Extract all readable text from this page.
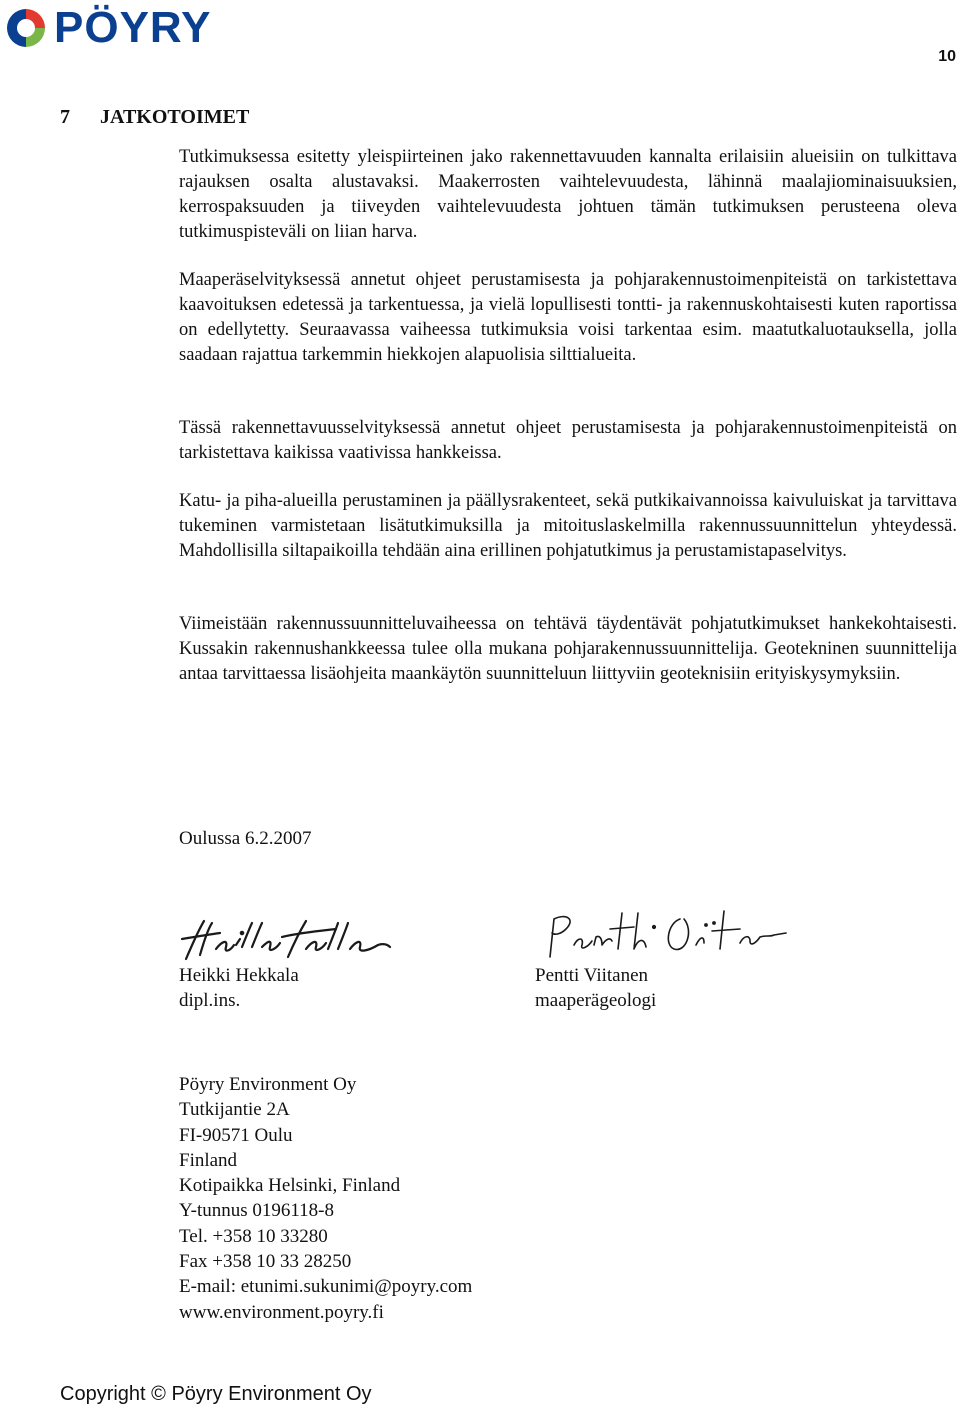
PÖYRY
10
7	JATKOTOIMET
Tutkimuksessa esitetty yleispiirteinen jako rakennettavuuden kannalta erilaisiin alueisiin on tulkittava rajauksen osalta alustavaksi. Maakerrosten vaihtelevuudesta, lähinnä maalajiominaisuuksien, kerrospaksuuden ja tiiveyden vaihtelevuudesta johtuen tämän tutkimuksen perusteena oleva tutkimuspisteväli on liian harva.
Maaperäselvityksessä annetut ohjeet perustamisesta ja pohjarakennustoimenpiteistä on tarkistettava kaavoituksen edetessä ja tarkentuessa, ja vielä lopullisesti tontti- ja rakennuskohtaisesti kuten raportissa on edellytetty. Seuraavassa vaiheessa tutkimuksia voisi tarkentaa esim. maatutkaluotauksella, jolla saadaan rajattua tarkemmin hiekkojen alapuolisia silttialueita.
Tässä rakennettavuusselvityksessä annetut ohjeet perustamisesta ja pohjarakennustoimenpiteistä on tarkistettava kaikissa vaativissa hankkeissa.
Katu- ja piha-alueilla perustaminen ja päällysrakenteet, sekä putkikaivannoissa kaivuluiskat ja tarvittava tukeminen varmistetaan lisätutkimuksilla ja mitoituslaskelmilla rakennussuunnittelun yhteydessä. Mahdollisilla siltapaikoilla tehdään aina erillinen pohjatutkimus ja perustamistapaselvitys.
Viimeistään rakennussuunnitteluvaiheessa on tehtävä täydentävät pohjatutkimukset hankekohtaisesti. Kussakin rakennushankkeessa tulee olla mukana pohjarakennussuunnittelija. Geotekninen suunnittelija antaa tarvittaessa lisäohjeita maankäytön suunnitteluun liittyviin geoteknisiin erityiskysymyksiin.
Oulussa 6.2.2007
Heikki Hekkala
dipl.ins.
Pentti Viitanen
maaperägeologi
Pöyry Environment Oy
Tutkijantie 2A
FI-90571 Oulu
Finland
Kotipaikka Helsinki, Finland
Y-tunnus 0196118-8
Tel. +358 10 33280
Fax +358 10 33 28250
E-mail: etunimi.sukunimi@poyry.com
www.environment.poyry.fi
Copyright © Pöyry Environment Oy
